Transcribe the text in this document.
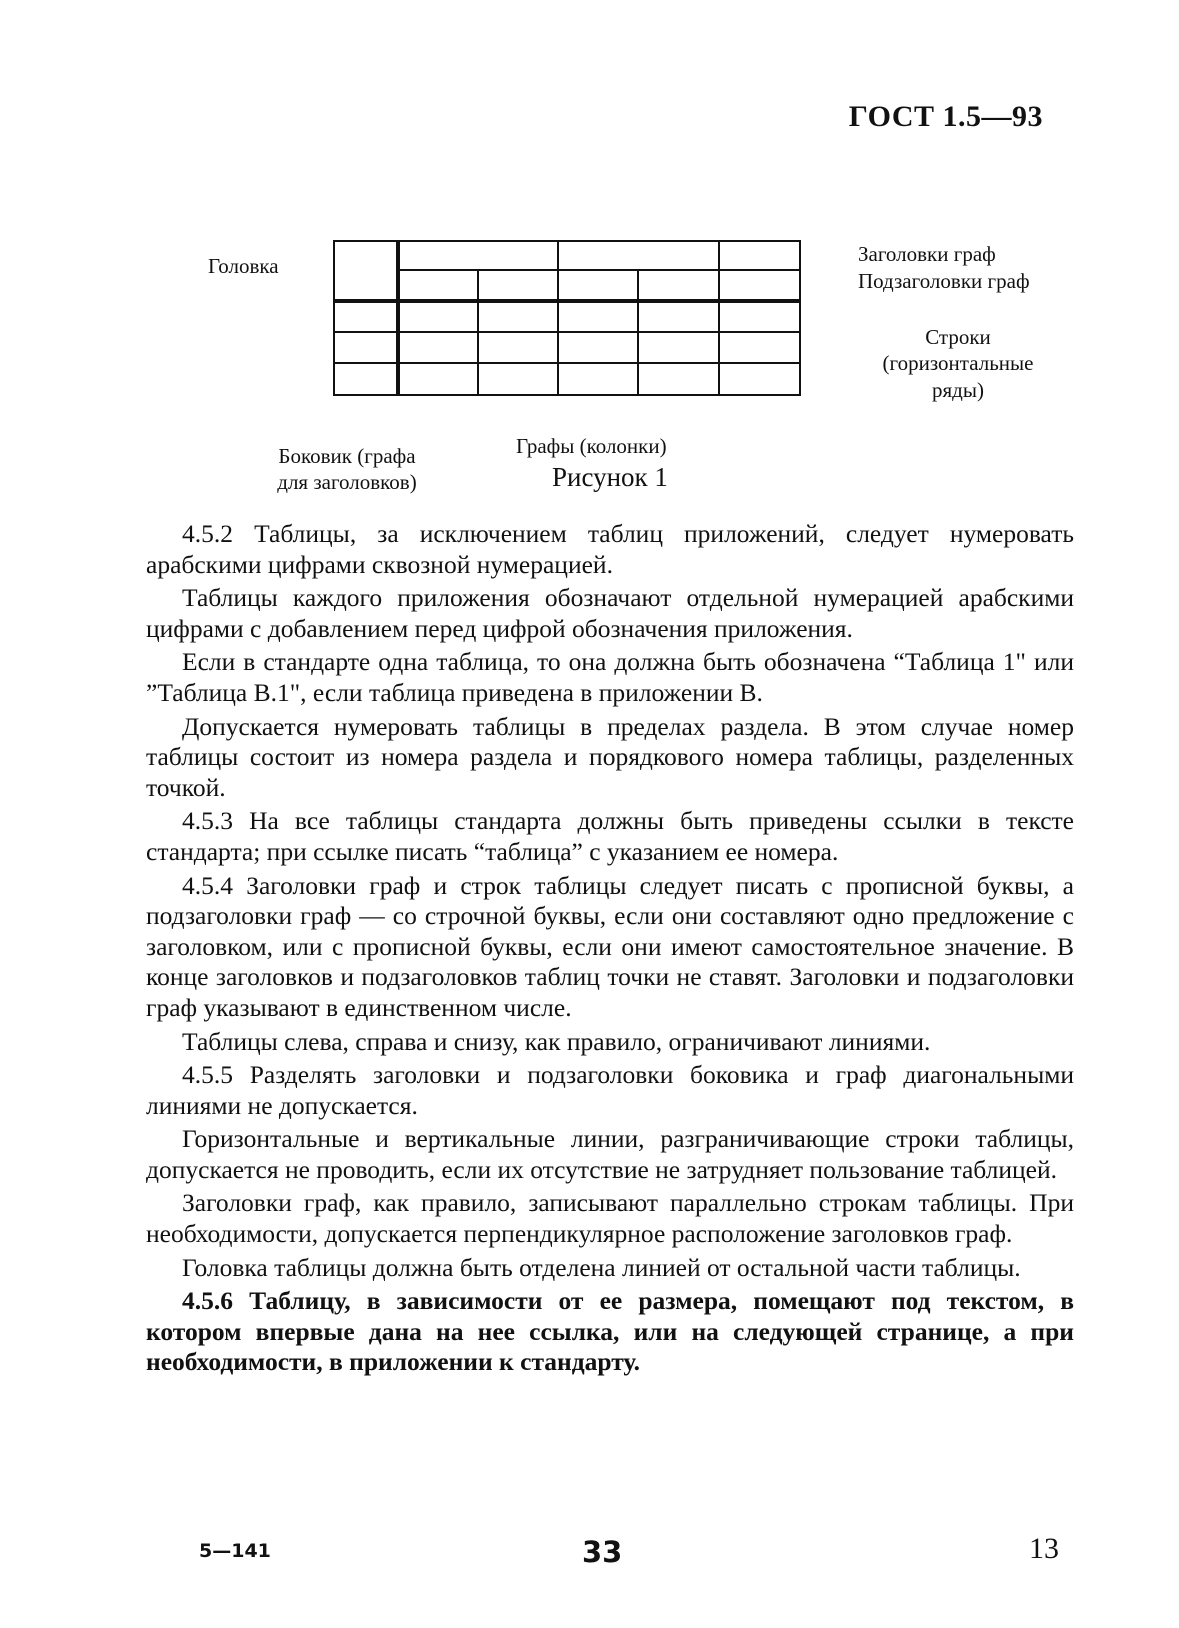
ГОСТ 1.5—93
Головка	Заголовки граф
Подзаголовки граф
Строки
(горизонтальные
ряды)
Боковик (графа
для заголовков)
Графы (колонки)
Рисунок 1

4.5.2 Таблицы, за исключением таблиц приложений, следует нумеровать арабскими цифрами сквозной нумерацией.

Таблицы каждого приложения обозначают отдельной нумерацией арабскими цифрами с добавлением перед цифрой обозначения приложения.

Если в стандарте одна таблица, то она должна быть обозначена “Таблица 1" или ”Таблица В.1", если таблица приведена в приложении В.

Допускается нумеровать таблицы в пределах раздела. В этом случае номер таблицы состоит из номера раздела и порядкового номера таблицы, разделенных точкой.

4.5.3 На все таблицы стандарта должны быть приведены ссылки в тексте стандарта; при ссылке писать “таблица” с указанием ее номера.

4.5.4 Заголовки граф и строк таблицы следует писать с прописной буквы, а подзаголовки граф — со строчной буквы, если они составляют одно предложение с заголовком, или с прописной буквы, если они имеют самостоятельное значение. В конце заголовков и подзаголовков таблиц точки не ставят. Заголовки и подзаголовки граф указывают в единственном числе.

Таблицы слева, справа и снизу, как правило, ограничивают линиями.

4.5.5 Разделять заголовки и подзаголовки боковика и граф диагональными линиями не допускается.

Горизонтальные и вертикальные линии, разграничивающие строки таблицы, допускается не проводить, если их отсутствие не затрудняет пользование таблицей.

Заголовки граф, как правило, записывают параллельно строкам таблицы. При необходимости, допускается перпендикулярное расположение заголовков граф.

Головка таблицы должна быть отделена линией от остальной части таблицы.

4.5.6 Таблицу, в зависимости от ее размера, помещают под текстом, в котором впервые дана на нее ссылка, или на следующей странице, а при необходимости, в приложении к стандарту.

5—141	33	13
